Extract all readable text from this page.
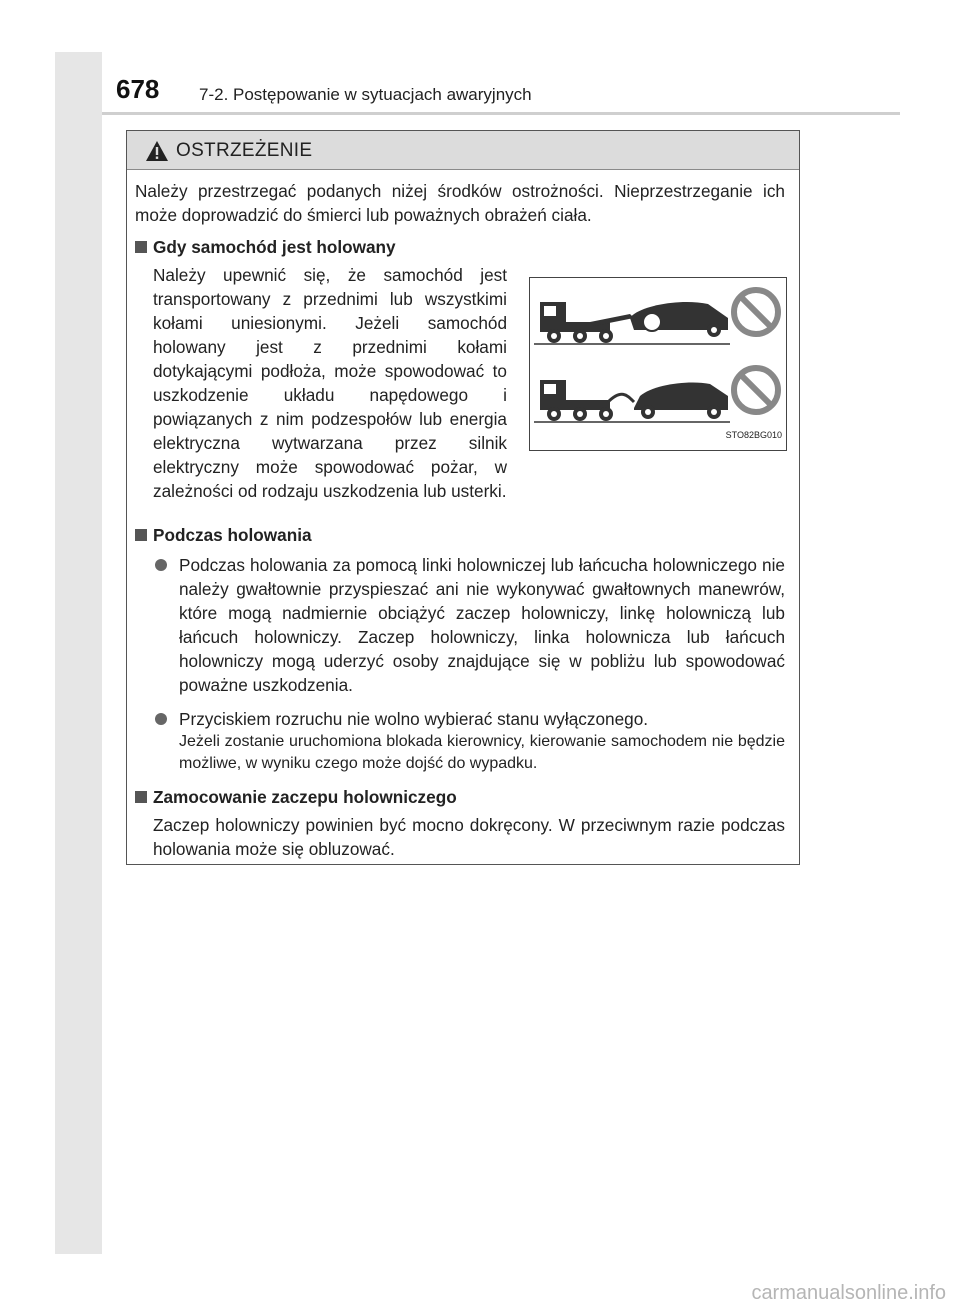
678 7-2. Postępowanie w sytuacjach awaryjnych
OSTRZEŻENIE

Należy przestrzegać podanych niżej środków ostrożności. Nieprzestrzeganie ich może doprowadzić do śmierci lub poważnych obrażeń ciała.

Gdy samochód jest holowany
Należy upewnić się, że samochód jest transportowany z przednimi lub wszystkimi kołami uniesionymi. Jeżeli samochód holowany jest z przednimi kołami dotykającymi podłoża, może spowodować to uszkodzenie układu napędowego i powiązanych z nim podzespołów lub energia elektryczna wytwarzana przez silnik elektryczny może spowodować pożar, w zależności od rodzaju uszkodzenia lub usterki.
STO82BG010
Podczas holowania
Podczas holowania za pomocą linki holowniczej lub łańcucha holowniczego nie należy gwałtownie przyspieszać ani nie wykonywać gwałtownych manewrów, które mogą nadmiernie obciążyć zaczep holowniczy, linkę holowniczą lub łańcuch holowniczy. Zaczep holowniczy, linka holownicza lub łańcuch holowniczy mogą uderzyć osoby znajdujące się w pobliżu lub spowodować poważne uszkodzenia.
Przyciskiem rozruchu nie wolno wybierać stanu wyłączonego.
Jeżeli zostanie uruchomiona blokada kierownicy, kierowanie samochodem nie będzie możliwe, w wyniku czego może dojść do wypadku.
Zamocowanie zaczepu holowniczego
Zaczep holowniczy powinien być mocno dokręcony. W przeciwnym razie podczas holowania może się obluzować.
carmanualsonline.info
